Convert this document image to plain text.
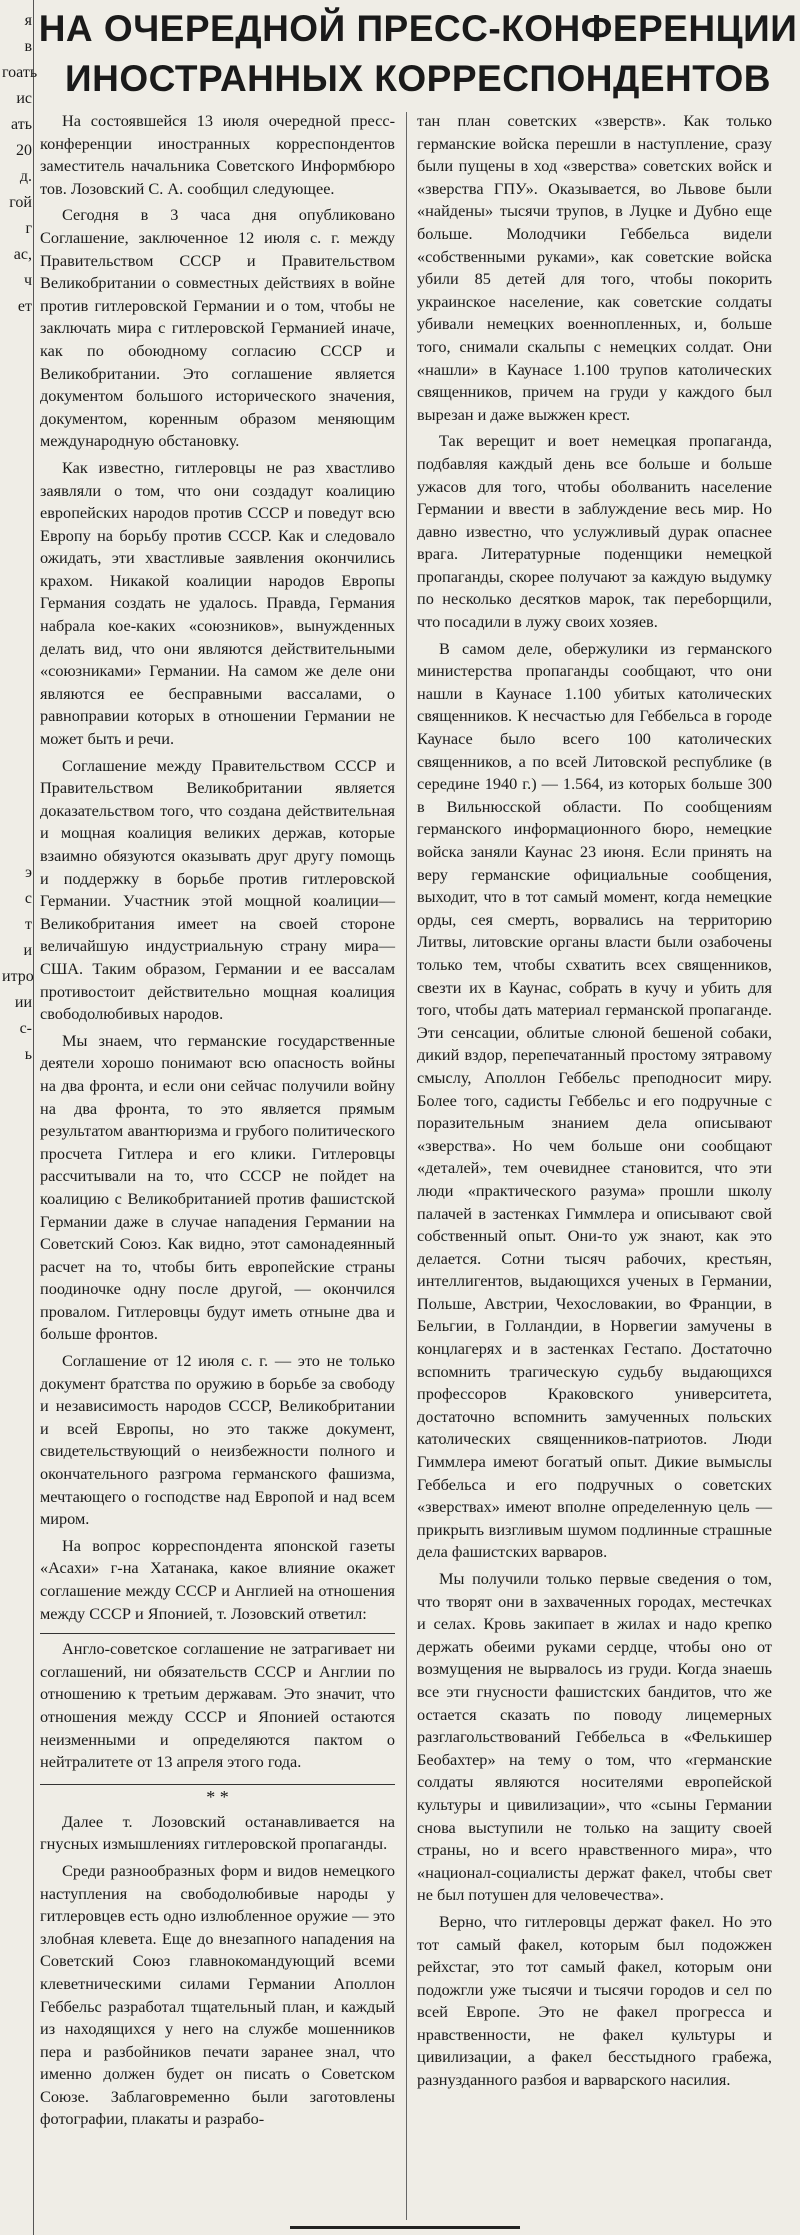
я
в
гоать
ис
ать
20
д.
гой
г
ас,
ч
ет
э
с
т
и
итро
ии
с-
ь
НА ОЧЕРЕДНОЙ ПРЕСС-КОНФЕРЕНЦИИ
ИНОСТРАННЫХ КОРРЕСПОНДЕНТОВ

На состоявшейся 13 июля очередной пресс-конференции иностранных корреспондентов заместитель начальника Советского Информбюро тов. Лозовский С. А. сообщил следующее.

Сегодня в 3 часа дня опубликовано Соглашение, заключенное 12 июля с. г. между Правительством СССР и Правительством Великобритании о совместных действиях в войне против гитлеровской Германии и о том, чтобы не заключать мира с гитлеровской Германией иначе, как по обоюдному согласию СССР и Великобритании. Это соглашение является документом большого исторического значения, документом, коренным образом меняющим международную обстановку.

Как известно, гитлеровцы не раз хвастливо заявляли о том, что они создадут коалицию европейских народов против СССР и поведут всю Европу на борьбу против СССР. Как и следовало ожидать, эти хвастливые заявления окончились крахом. Никакой коалиции народов Европы Германия создать не удалось. Правда, Германия набрала кое-каких «союзников», вынужденных делать вид, что они являются действительными «союзниками» Германии. На самом же деле они являются ее бесправными вассалами, о равноправии которых в отношении Германии не может быть и речи.

Соглашение между Правительством СССР и Правительством Великобритании является доказательством того, что создана действительная и мощная коалиция великих держав, которые взаимно обязуются оказывать друг другу помощь и поддержку в борьбе против гитлеровской Германии. Участник этой мощной коалиции—Великобритания имеет на своей стороне величайшую индустриальную страну мира—США. Таким образом, Германии и ее вассалам противостоит действительно мощная коалиция свободолюбивых народов.

Мы знаем, что германские государственные деятели хорошо понимают всю опасность войны на два фронта, и если они сейчас получили войну на два фронта, то это является прямым результатом авантюризма и грубого политического просчета Гитлера и его клики. Гитлеровцы рассчитывали на то, что СССР не пойдет на коалицию с Великобританией против фашистской Германии даже в случае нападения Германии на Советский Союз. Как видно, этот самонадеянный расчет на то, чтобы бить европейские страны поодиночке одну после другой, — окончился провалом. Гитлеровцы будут иметь отныне два и больше фронтов.

Соглашение от 12 июля с. г. — это не только документ братства по оружию в борьбе за свободу и независимость народов СССР, Великобритании и всей Европы, но это также документ, свидетельствующий о неизбежности полного и окончательного разгрома германского фашизма, мечтающего о господстве над Европой и над всем миром.

На вопрос корреспондента японской газеты «Асахи» г-на Хатанака, какое влияние окажет соглашение между СССР и Англией на отношения между СССР и Японией, т. Лозовский ответил:

Англо-советское соглашение не затрагивает ни соглашений, ни обязательств СССР и Англии по отношению к третьим державам. Это значит, что отношения между СССР и Японией остаются неизменными и определяются пактом о нейтралитете от 13 апреля этого года.

* *

Далее т. Лозовский останавливается на гнусных измышлениях гитлеровской пропаганды.

Среди разнообразных форм и видов немецкого наступления на свободолюбивые народы у гитлеровцев есть одно излюбленное оружие — это злобная клевета. Еще до внезапного нападения на Советский Союз главнокомандующий всеми клеветническими силами Германии Аполлон Геббельс разработал тщательный план, и каждый из находящихся у него на службе мошенников пера и разбойников печати заранее знал, что именно должен будет он писать о Советском Союзе. Заблаговременно были заготовлены фотографии, плакаты и разрабо-

тан план советских «зверств». Как только германские войска перешли в наступление, сразу были пущены в ход «зверства» советских войск и «зверства ГПУ». Оказывается, во Львове были «найдены» тысячи трупов, в Луцке и Дубно еще больше. Молодчики Геббельса видели «собственными руками», как советские войска убили 85 детей для того, чтобы покорить украинское население, как советские солдаты убивали немецких военнопленных, и, больше того, снимали скальпы с немецких солдат. Они «нашли» в Каунасе 1.100 трупов католических священников, причем на груди у каждого был вырезан и даже выжжен крест.

Так верещит и воет немецкая пропаганда, подбавляя каждый день все больше и больше ужасов для того, чтобы оболванить население Германии и ввести в заблуждение весь мир. Но давно известно, что услужливый дурак опаснее врага. Литературные поденщики немецкой пропаганды, скорее получают за каждую выдумку по несколько десятков марок, так переборщили, что посадили в лужу своих хозяев.

В самом деле, обержулики из германского министерства пропаганды сообщают, что они нашли в Каунасе 1.100 убитых католических священников. К несчастью для Геббельса в городе Каунасе было всего 100 католических священников, а по всей Литовской республике (в середине 1940 г.) — 1.564, из которых больше 300 в Вильнюсской области. По сообщениям германского информационного бюро, немецкие войска заняли Каунас 23 июня. Если принять на веру германские официальные сообщения, выходит, что в тот самый момент, когда немецкие орды, сея смерть, ворвались на территорию Литвы, литовские органы власти были озабочены только тем, чтобы схватить всех священников, свезти их в Каунас, собрать в кучу и убить для того, чтобы дать материал германской пропаганде. Эти сенсации, облитые слюной бешеной собаки, дикий вздор, перепечатанный простому зятравому смыслу, Аполлон Геббельс преподносит миру. Более того, садисты Геббельс и его подручные с поразительным знанием дела описывают «зверства». Но чем больше они сообщают «деталей», тем очевиднее становится, что эти люди «практического разума» прошли школу палачей в застенках Гиммлера и описывают свой собственный опыт. Они-то уж знают, как это делается. Сотни тысяч рабочих, крестьян, интеллигентов, выдающихся ученых в Германии, Польше, Австрии, Чехословакии, во Франции, в Бельгии, в Голландии, в Норвегии замучены в концлагерях и в застенках Гестапо. Достаточно вспомнить трагическую судьбу выдающихся профессоров Краковского университета, достаточно вспомнить замученных польских католических священников-патриотов. Люди Гиммлера имеют богатый опыт. Дикие вымыслы Геббельса и его подручных о советских «зверствах» имеют вполне определенную цель — прикрыть визгливым шумом подлинные страшные дела фашистских варваров.

Мы получили только первые сведения о том, что творят они в захваченных городах, местечках и селах. Кровь закипает в жилах и надо крепко держать обеими руками сердце, чтобы оно от возмущения не вырвалось из груди. Когда знаешь все эти гнусности фашистских бандитов, что же остается сказать по поводу лицемерных разглагольствований Геббельса в «Фелькишер Беобахтер» на тему о том, что «германские солдаты являются носителями европейской культуры и цивилизации», что «сыны Германии снова выступили не только на защиту своей страны, но и всего нравственного мира», что «национал-социалисты держат факел, чтобы свет не был потушен для человечества».

Верно, что гитлеровцы держат факел. Но это тот самый факел, которым был подожжен рейхстаг, это тот самый факел, которым они подожгли уже тысячи и тысячи городов и сел по всей Европе. Это не факел прогресса и нравственности, не факел культуры и цивилизации, а факел бесстыдного грабежа, разнузданного разбоя и варварского насилия.
